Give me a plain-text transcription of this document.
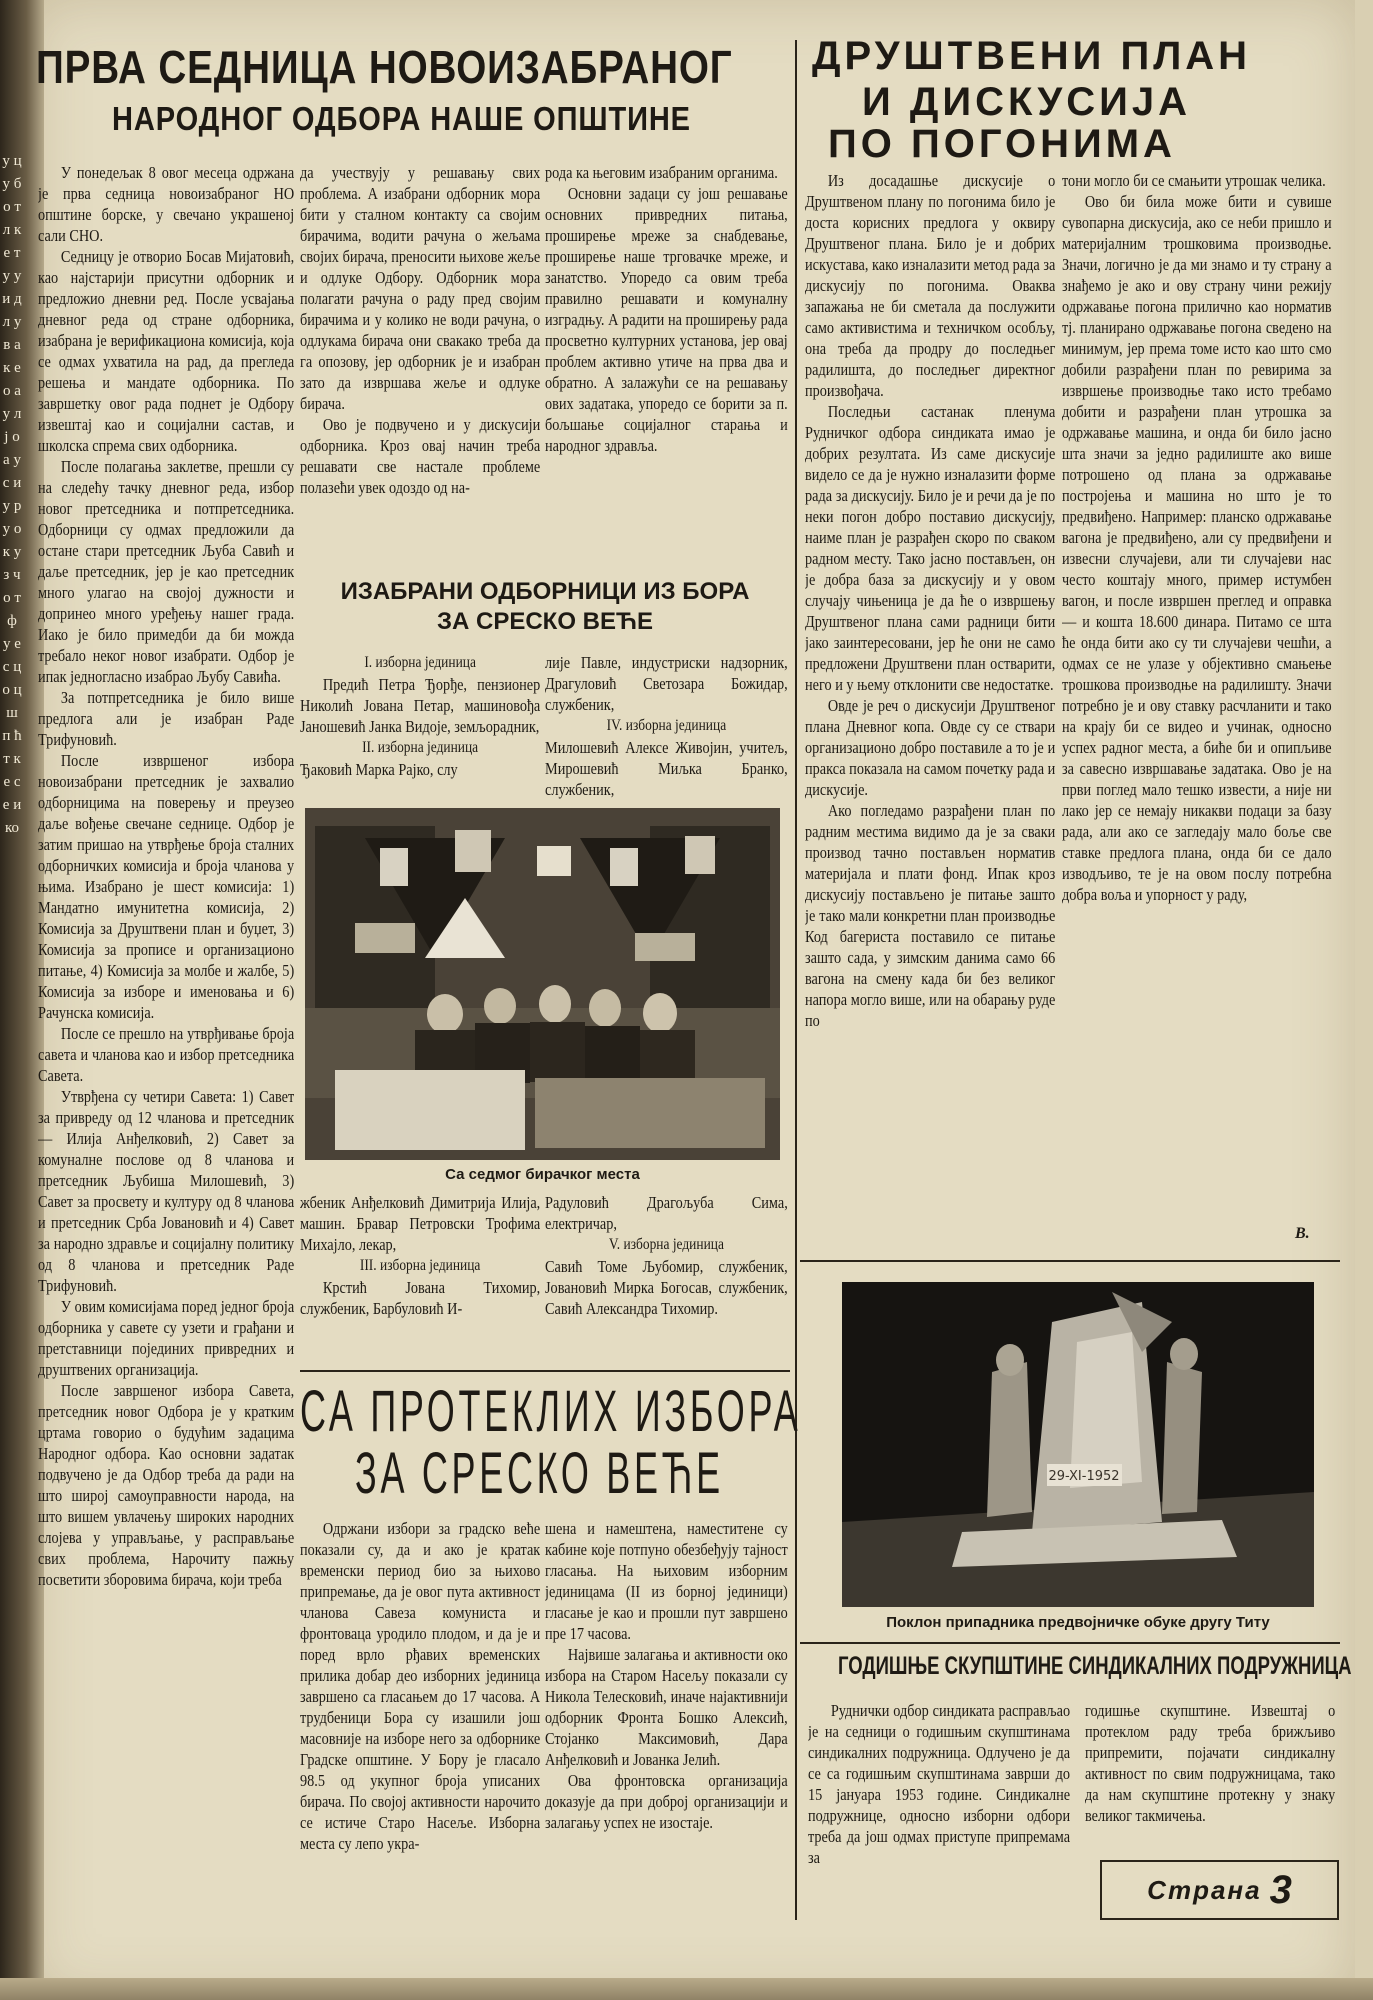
у ц у б о т л к е т у у и д л у в а к е о а у л ј о а у с и у р у о к у з ч о т ф у е с ц о ц ш п ћ т к е с е и ко
ПРВА СЕДНИЦА НОВОИЗАБРАНОГ
НАРОДНОГ ОДБОРА НАШЕ ОПШТИНЕ
ДРУШТВЕНИ ПЛАН
И ДИСКУСИЈА
ПО ПОГОНИМА

У понедељак 8 овог месеца одржана је прва седница новоизабраног НО општине борске, у свечано украшеној сали СНО.

Седницу је отворио Босав Мијатовић, као најстарији присутни одборник и предложио дневни ред. После усвајања дневног реда од стране одборника, изабрана је верификациона комисија, која се одмах ухватила на рад, да прегледа решења и мандате одборника. По завршетку овог рада поднет је Одбору извештај као и социјални састав, и школска спрема свих одборника.

После полагања заклетве, прешли су на следећу тачку дневног реда, избор новог претседника и потпретседника. Одборници су одмах предложили да остане стари претседник Љуба Савић и даље претседник, јер је као претседник много улагао на својој дужности и допринео много уређењу нашег града. Иако је било примедби да би можда требало неког новог изабрати. Одбор је ипак једногласно изабрао Љубу Савића.

За потпретседника је било више предлога али је изабран Раде Трифуновић.

После извршеног избора новоизабрани претседник је захвалио одборницима на поверењу и преузео даље вођење свечане седнице. Одбор је затим пришао на утврђење броја сталних одборничких комисија и броја чланова у њима. Изабрано је шест комисија: 1) Мандатно имунитетна комисија, 2) Комисија за Друштвени план и буџет, 3) Комисија за прописе и организационо питање, 4) Комисија за молбе и жалбе, 5) Комисија за изборе и именовања и 6) Рачунска комисија.

После се прешло на утврђивање броја савета и чланова као и избор претседника Савета.

Утврђена су четири Савета: 1) Савет за привреду од 12 чланова и претседник — Илија Анђелковић, 2) Савет за комуналне послове од 8 чланова и претседник Љубиша Милошевић, 3) Савет за просвету и културу од 8 чланова и претседник Срба Јовановић и 4) Савет за народно здравље и социјалну политику од 8 чланова и претседник Раде Трифуновић.

У овим комисијама поред једног броја одборника у савете су узети и грађани и претставници појединих привредних и друштвених организација.

После завршеног избора Савета, претседник новог Одбора је у кратким цртама говорио о будућим задацима Народног одбора. Као основни задатак подвучено је да Одбор треба да ради на што широј самоуправности народа, на што вишем увлачењу широких народних слојева у управљање, у расправљање свих проблема, Нарочиту пажњу посветити зборовима бирача, који треба

да учествују у решавању свих проблема. А изабрани одборник мора бити у сталном контакту са својим бирачима, водити рачуна о жељама својих бирача, преносити њихове жеље и одлуке Одбору. Одборник мора полагати рачуна о раду пред својим бирачима и у колико не води рачуна, о одлукама бирача они свакако треба да га опозову, јер одборник је и изабран зато да извршава жеље и одлуке бирача.

Ово је подвучено и у дискусији одборника. Кроз овај начин треба решавати све настале проблеме полазећи увек одоздо од на-

рода ка његовим изабраним органима.

Основни задаци су још решавање основних привредних питања, проширење мреже за снабдевање, проширење наше трговачке мреже, и занатство. Упоредо са овим треба правилно решавати и комуналну изградњу. А радити на проширењу рада просветно културних установа, јер овај проблем активно утиче на прва два и обратно. А залажући се на решавању ових задатака, упоредо се борити за п. бољшање социјалног старања и народног здравља.

ИЗАБРАНИ ОДБОРНИЦИ ИЗ БОРА
ЗА СРЕСКО ВЕЋЕ

I. изборна јединица

Предић Петра Ђорђе, пензионер Николић Јована Петар, машиновођа Јаношевић Јанка Видоје, земљорадник,

II. изборна јединица

Ђаковић Марка Рајко, слу

лије Павле, индустриски надзорник, Драгуловић Светозара Божидар, службеник,

IV. изборна јединица

Милошевић Алексе Живојин, учитељ, Мирошевић Миљка Бранко, службеник,

Са седмог бирачког места

жбеник Анђелковић Димитрија Илија, машин. Бравар Петровски Трофима Михајло, лекар,

III. изборна јединица

Крстић Јована Тихомир, службеник, Барбуловић И-

Радуловић Драгољуба Сима, електричар,

V. изборна јединица

Савић Томе Љубомир, службеник, Јовановић Мирка Богосав, службеник, Савић Александра Тихомир.

СА ПРОТЕКЛИХ ИЗБОРА
ЗА СРЕСКО ВЕЋЕ

Одржани избори за градско веће показали су, да и ако је кратак временски период био за њихово припремање, да је овог пута активност чланова Савеза комуниста и фронтоваца уродило плодом, и да је и поред врло рђавих временских прилика добар део изборних јединица завршено са гласањем до 17 часова. А трудбеници Бора су изашили још масовније на изборе него за одборнике Градске општине. У Бору је гласало 98.5 од укупног броја уписаних бирача. По својој активности нарочито се истиче Старо Насеље. Изборна места су лепо укра-

шена и намештена, наместитене су кабине које потпуно обезбеђују тајност гласања. На њиховим изборним јединицама (II из борној јединици) гласање је као и прошли пут завршено пре 17 часова.

Највише залагања и активности око избора на Старом Насељу показали су Никола Телесковић, иначе најактивнији одборник Фронта Бошко Алексић, Стојанко Максимовић, Дара Анђелковић и Јованка Јелић.

Ова фронтовска организација доказује да при добрoj организацији и залагању успех не изостаје.

Из досадашње дискусије о Друштвеном плану по погонима било је доста корисних предлога у оквиру Друштвеног плана. Било је и добрих искустава, како изналазити метод рада за дискусију по погонима. Оваква запажања не би сметала да послужити само активистима и техничком особљу, она треба да продру до последњег радилишта, до последњег директног произвођача.

Последњи састанак пленума Рудничког одбора синдиката имао је добрих резултата. Из саме дискусије видело се да је нужно изналазити форме рада за дискусију. Било је и речи да је по неки погон добро поставио дискусију, наиме план је разрађен скоро по сваком радном месту. Тако јасно постављен, он је добра база за дискусију и у овом случају чињеница је да ће о извршењу Друштвеног плана сами радници бити јако заинтересовани, јер ће они не само предложени Друштвени план остварити, него и у њему отклонити све недостатке.

Овде је реч о дискусији Друштвеног плана Дневног копа. Овде су се ствари организационо добро поставиле а то је и пракса показала на самом почетку рада и дискусије.

Ако погледамо разрађени план по радним местима видимо да је за сваки производ тачно постављен норматив материјала и плати фонд. Ипак кроз дискусију постављено је питање зашто је тако мали конкретни план производње Код багериста поставило се питање зашто сада, у зимским данима само 66 вагона на смену када би без великог напора могло више, или на обарању руде по

тони могло би се смањити утрошак челика.

Ово би била може бити и сувише сувопарна дискусија, ако се неби пришло и материјалним трошковима производње. Значи, логично је да ми знамо и ту страну а знађемо је ако и ову страну чини режију одржавање погона прилично као норматив тј. планирано одржавање погона сведено на минимум, јер према томе исто као што смо добили разрађени план по ревирима за извршење производње тако исто требамо добити и разрађени план утрошка за одржавање машина, и онда би било јасно шта значи за једно радилиште ако више потрошено од плана за одржавање постројења и машина но што је то предвиђено. Например: планско одржавање вагона је предвиђено, али су предвиђени и извесни случајеви, али ти случајеви нас често коштају много, пример истумбен вагон, и после извршен преглед и оправка — и кошта 18.600 динара. Питамо се шта ће онда бити ако су ти случајеви чешћи, а одмах се не улазе у објективно смањење трошкова производње на радилишту. Значи потребно је и ову ставку расчланити и тако на крају би се видео и учинак, односно успех радног места, а биће би и опипљиве за савесно извршавање задатака. Ово је на први поглед мало тешко извести, а није ни лако јер се немају никакви подаци за базу рада, али ако се загледају мало боље све ставке предлога плана, онда би се дало изводљиво, те је на овом послу потребна добра воља и упорност у раду,

В.
29-XI-1952
Поклон припадника предвојничке обуке другу Титу
ГОДИШЊЕ СКУПШТИНЕ СИНДИКАЛНИХ ПОДРУЖНИЦА

Руднички одбор синдиката расправљао је на седници о годишњим скупштинама синдикалних подружница. Одлучено је да се са годишњим скупштинама заврши до 15 јануара 1953 године. Синдикалне подружнице, односно изборни одбори треба да још одмах приступе припремама за

годишње скупштине. Извештај о протеклом раду треба брижљиво припремити, појачати синдикалну активност по свим подружницама, тако да нам скупштине протекну у знаку великог такмичења.

Страна 3
